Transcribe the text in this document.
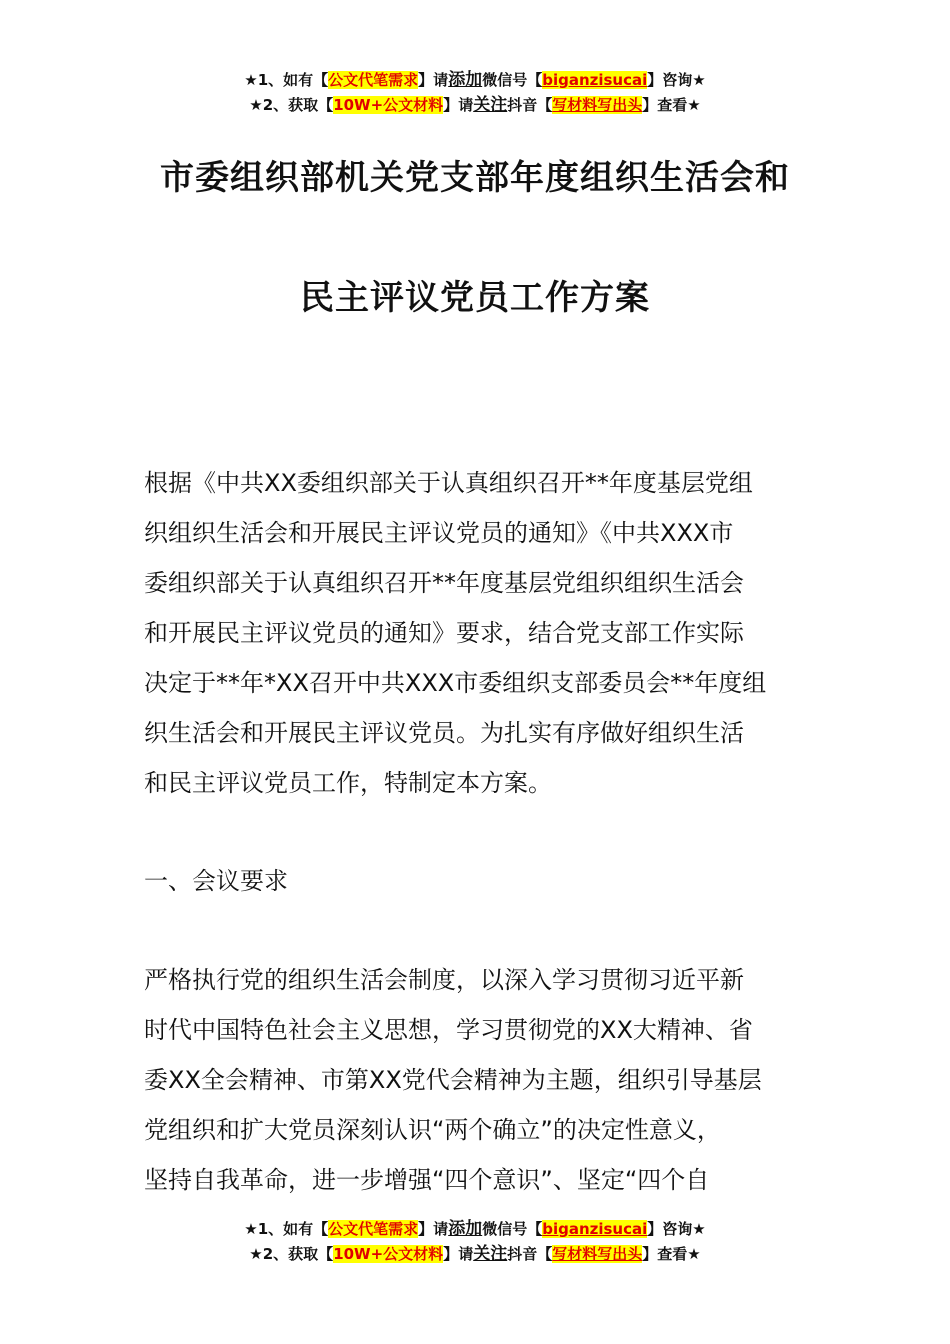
★1、如有【公文代笔需求】请添加微信号【biganzisucai】咨询★
★2、获取【10W+公文材料】请关注抖音【写材料写出头】查看★
市委组织部机关党支部年度组织生活会和
民主评议党员工作方案
根据《中共XX委组织部关于认真组织召开**年度基层党组
织组织生活会和开展民主评议党员的通知》《中共XXX市
委组织部关于认真组织召开**年度基层党组织组织生活会
和开展民主评议党员的通知》要求，结合党支部工作实际
决定于**年*XX召开中共XXX市委组织支部委员会**年度组
织生活会和开展民主评议党员。为扎实有序做好组织生活
和民主评议党员工作，特制定本方案。
一、会议要求
严格执行党的组织生活会制度，以深入学习贯彻习近平新
时代中国特色社会主义思想，学习贯彻党的XX大精神、省
委XX全会精神、市第XX党代会精神为主题，组织引导基层
党组织和扩大党员深刻认识“两个确立”的决定性意义，
坚持自我革命，进一步增强“四个意识”、坚定“四个自
★1、如有【公文代笔需求】请添加微信号【biganzisucai】咨询★
★2、获取【10W+公文材料】请关注抖音【写材料写出头】查看★
